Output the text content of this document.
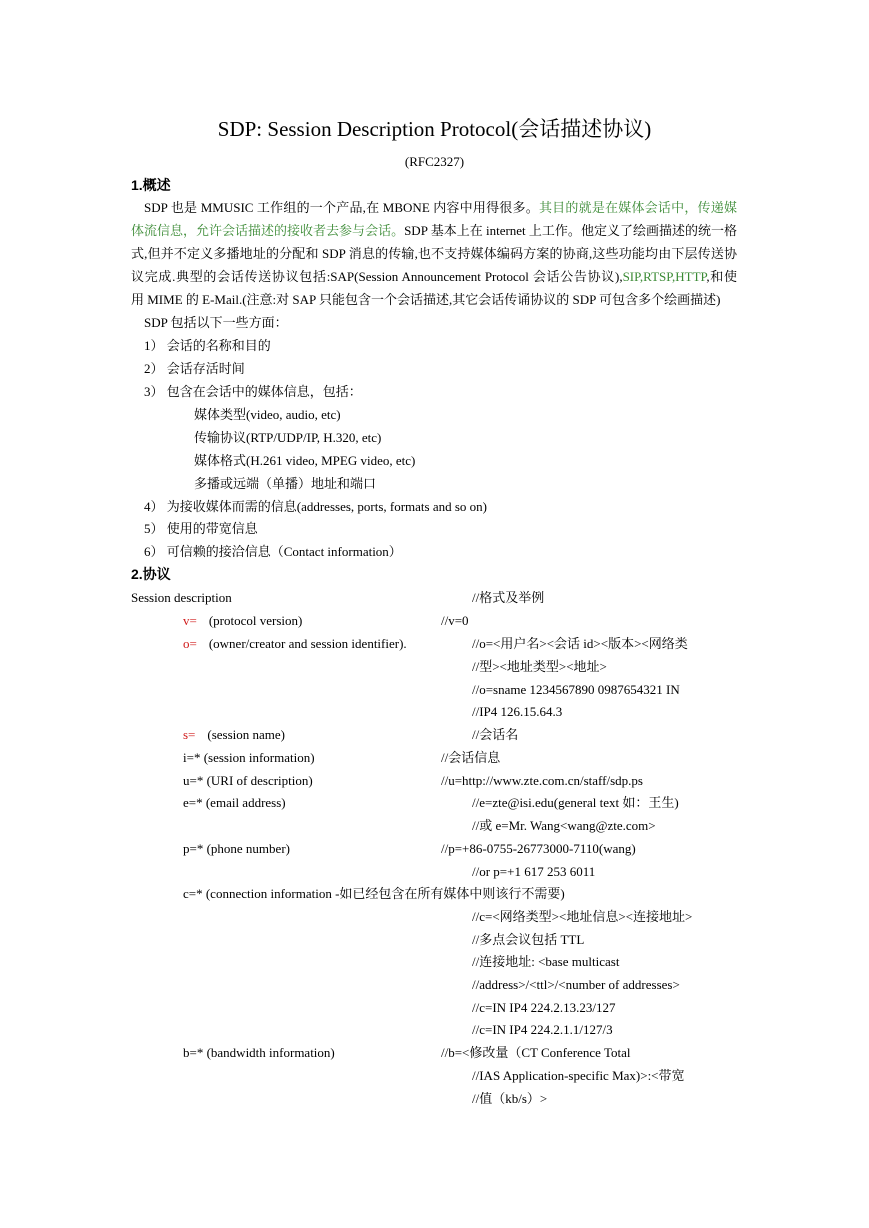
SDP: Session Description Protocol(会话描述协议)
(RFC2327)
1.概述
SDP 也是 MMUSIC 工作组的一个产品,在 MBONE 内容中用得很多。其目的就是在媒体会话中，传递媒
体流信息，允许会话描述的接收者去参与会话。SDP 基本上在 internet 上工作。他定义了绘画描述的统一格
式,但并不定义多播地址的分配和 SDP 消息的传输,也不支持媒体编码方案的协商,这些功能均由下层传送协
议完成.典型的会话传送协议包括:SAP(Session Announcement Protocol 会话公告协议),SIP,RTSP,HTTP,和使
用 MIME 的 E-Mail.(注意:对 SAP 只能包含一个会话描述,其它会话传诵协议的 SDP 可包含多个绘画描述)
SDP 包括以下一些方面：
1） 会话的名称和目的
2） 会话存活时间
3） 包含在会话中的媒体信息，包括：
媒体类型(video, audio, etc)
传输协议(RTP/UDP/IP, H.320, etc)
媒体格式(H.261 video, MPEG video, etc)
多播或远端（单播）地址和端口
4） 为接收媒体而需的信息(addresses, ports, formats and so on)
5） 使用的带宽信息
6） 可信赖的接洽信息（Contact information）
2.协议
Session description	//格式及举例
v= (protocol version)	//v=0
o= (owner/creator and session identifier).	//o=<用户名><会话 id><版本><网络类
//型><地址类型><地址>
//o=sname 1234567890 0987654321 IN
//IP4 126.15.64.3
s= (session name)	//会话名
i=* (session information)	//会话信息
u=* (URI of description)	//u=http://www.zte.com.cn/staff/sdp.ps
e=* (email address)	//e=zte@isi.edu(general text 如：王生)
//或 e=Mr. Wang<wang@zte.com>
p=* (phone number)	//p=+86-0755-26773000-7110(wang)
//or p=+1 617 253 6011
c=* (connection information -如已经包含在所有媒体中则该行不需要)
//c=<网络类型><地址信息><连接地址>
//多点会议包括 TTL
//连接地址: <base multicast
//address>/<ttl>/<number of addresses>
//c=IN IP4 224.2.13.23/127
//c=IN IP4 224.2.1.1/127/3
b=* (bandwidth information)	//b=<修改量（CT Conference Total
//IAS Application-specific Max)>:<带宽
//值（kb/s）>
